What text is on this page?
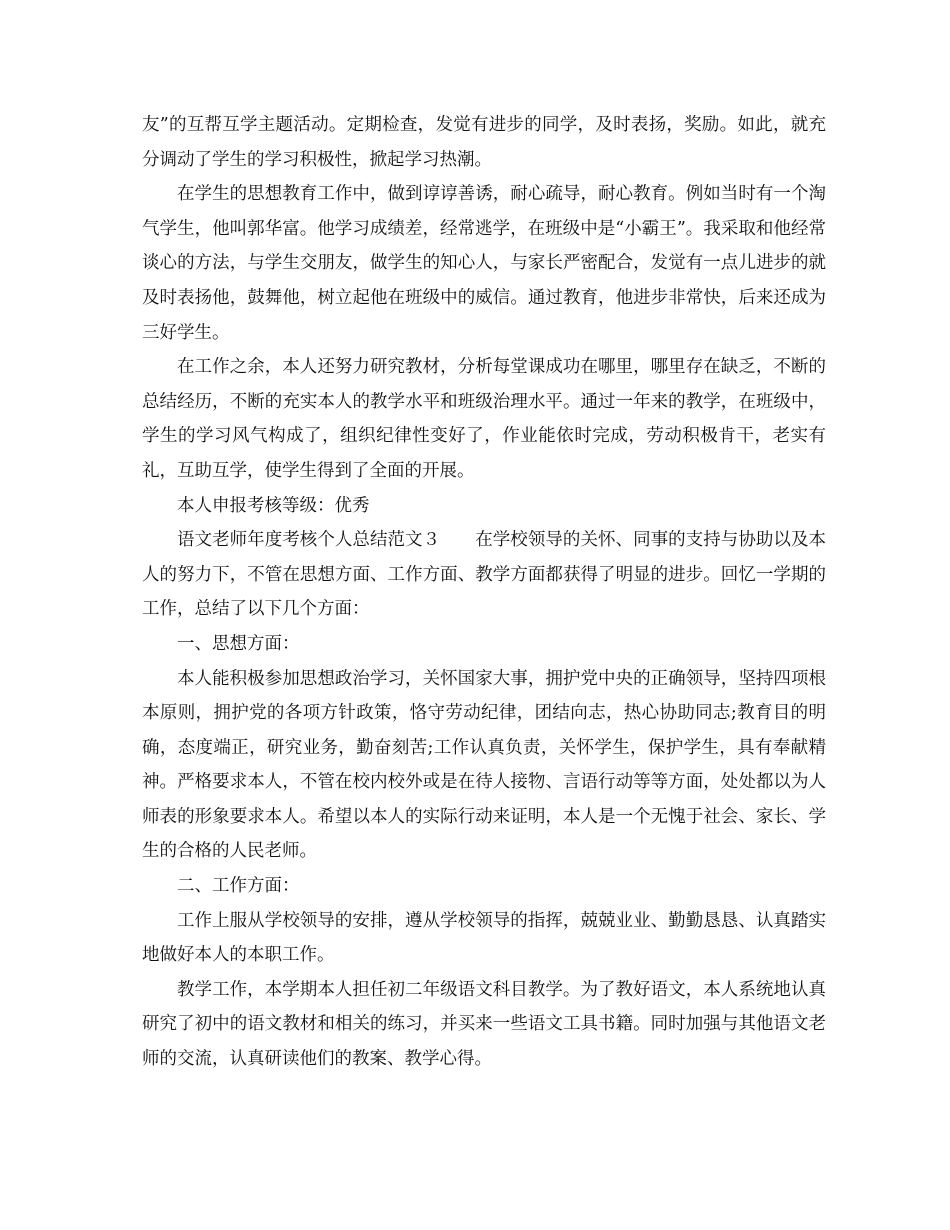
友”的互帮互学主题活动。定期检查，发觉有进步的同学，及时表扬，奖励。如此，就充分调动了学生的学习积极性，掀起学习热潮。

在学生的思想教育工作中，做到谆谆善诱，耐心疏导，耐心教育。例如当时有一个淘气学生，他叫郭华富。他学习成绩差，经常逃学，在班级中是“小霸王”。我采取和他经常谈心的方法，与学生交朋友，做学生的知心人，与家长严密配合，发觉有一点儿进步的就及时表扬他，鼓舞他，树立起他在班级中的威信。通过教育，他进步非常快，后来还成为三好学生。

在工作之余，本人还努力研究教材，分析每堂课成功在哪里，哪里存在缺乏，不断的总结经历，不断的充实本人的教学水平和班级治理水平。通过一年来的教学，在班级中，学生的学习风气构成了，组织纪律性变好了，作业能依时完成，劳动积极肯干，老实有礼，互助互学，使学生得到了全面的开展。

本人申报考核等级：优秀

语文老师年度考核个人总结范文３　　在学校领导的关怀、同事的支持与协助以及本人的努力下，不管在思想方面、工作方面、教学方面都获得了明显的进步。回忆一学期的工作，总结了以下几个方面：

一、思想方面：

本人能积极参加思想政治学习，关怀国家大事，拥护党中央的正确领导，坚持四项根本原则，拥护党的各项方针政策，恪守劳动纪律，团结向志，热心协助同志;教育目的明确，态度端正，研究业务，勤奋刻苦;工作认真负责，关怀学生，保护学生，具有奉献精神。严格要求本人，不管在校内校外或是在待人接物、言语行动等等方面，处处都以为人师表的形象要求本人。希望以本人的实际行动来证明，本人是一个无愧于社会、家长、学生的合格的人民老师。

二、工作方面：

工作上服从学校领导的安排，遵从学校领导的指挥，兢兢业业、勤勤恳恳、认真踏实地做好本人的本职工作。

教学工作，本学期本人担任初二年级语文科目教学。为了教好语文，本人系统地认真研究了初中的语文教材和相关的练习，并买来一些语文工具书籍。同时加强与其他语文老师的交流，认真研读他们的教案、教学心得。
